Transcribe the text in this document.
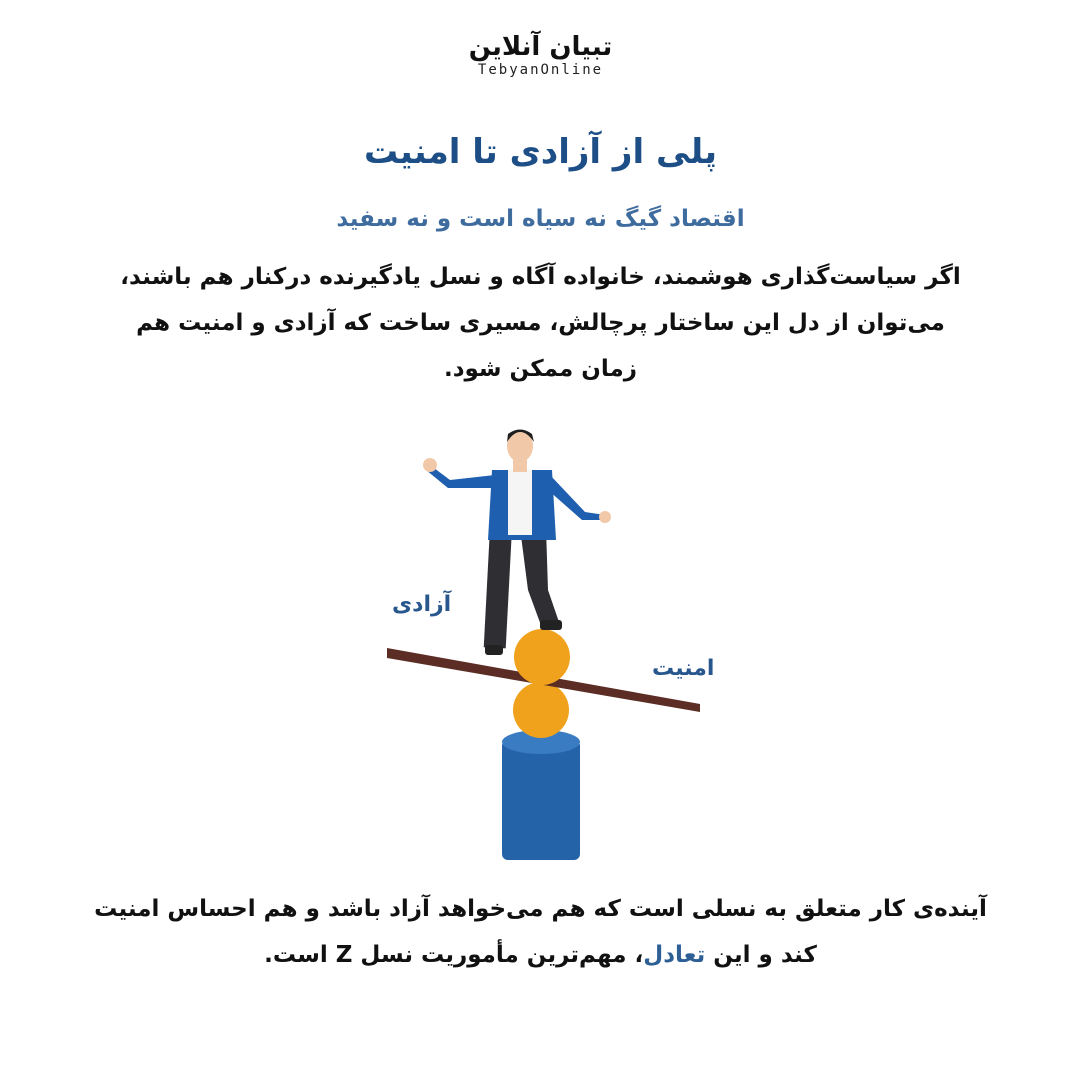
تبیان آنلاین
TebyanOnline
پلی از آزادی تا امنیت
اقتصاد گیگ نه سیاه است و نه سفید
اگر سیاست‌گذاری هوشمند، خانواده آگاه و نسل یادگیرنده درکنار هم باشند، می‌توان از دل این ساختار پرچالش، مسیری ساخت که آزادی و امنیت هم زمان ممکن شود.
آزادی
امنیت
آینده‌ی کار متعلق به نسلی است که هم می‌خواهد آزاد باشد و هم احساس امنیت کند و این تعادل، مهم‌ترین مأموریت نسل Z است.
